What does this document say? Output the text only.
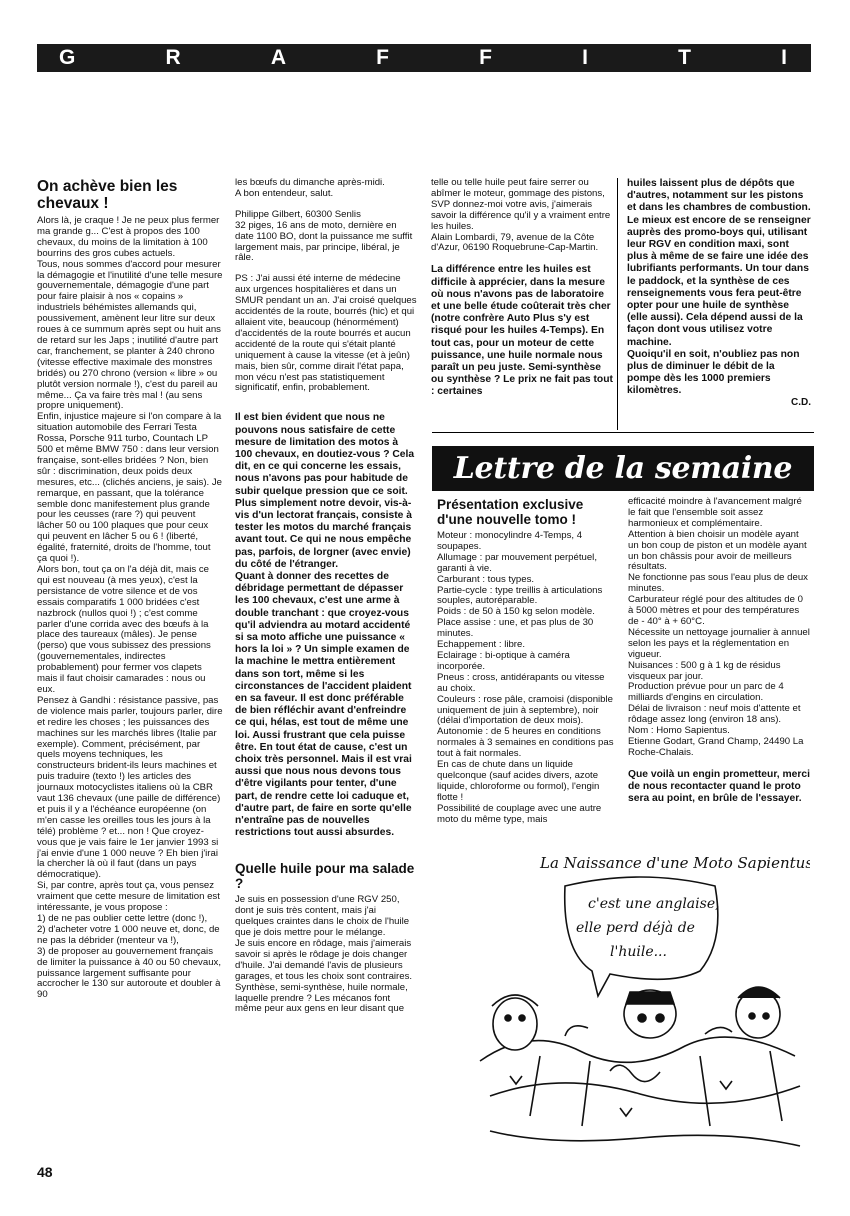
G	R	A	F	F	I	T	I
On achève bien les chevaux !

Alors là, je craque ! Je ne peux plus fermer ma grande g... C'est à propos des 100 chevaux, du moins de la limitation à 100 bourrins des gros cubes actuels.

Tous, nous sommes d'accord pour mesurer la démagogie et l'inutilité d'une telle mesure gouvernementale, démagogie d'une part pour faire plaisir à nos « copains » industriels béhémistes allemands qui, poussivement, amènent leur litre sur deux roues à ce summum après sept ou huit ans de retard sur les Japs ; inutilité d'autre part car, franchement, se planter à 240 chrono (vitesse effective maximale des monstres bridés) ou 270 chrono (version « libre » ou plutôt version normale !), c'est du pareil au même... Ça va faire très mal ! (au sens propre uniquement).

Enfin, injustice majeure si l'on compare à la situation automobile des Ferrari Testa Rossa, Porsche 911 turbo, Countach LP 500 et même BMW 750 : dans leur version française, sont-elles bridées ? Non, bien sûr : discrimination, deux poids deux mesures, etc... (clichés anciens, je sais). Je remarque, en passant, que la tolérance semble donc manifestement plus grande pour les ceusses (rare ?) qui peuvent lâcher 50 ou 100 plaques que pour ceux qui peuvent en lâcher 5 ou 6 ! (liberté, égalité, fraternité, droits de l'homme, tout ça quoi !).

Alors bon, tout ça on l'a déjà dit, mais ce qui est nouveau (à mes yeux), c'est la persistance de votre silence et de vos essais comparatifs 1 000 bridées c'est nazbrock (nullos quoi !) ; c'est comme parler d'une corrida avec des bœufs à la place des taureaux (mâles). Je pense (perso) que vous subissez des pressions (gouvernementales, indirectes probablement) pour fermer vos clapets mais il faut choisir camarades : nous ou eux.

Pensez à Gandhi : résistance passive, pas de violence mais parler, toujours parler, dire et redire les choses ; les puissances des machines sur les marchés libres (Italie par exemple). Comment, précisément, par quels moyens techniques, les constructeurs brident-ils leurs machines et puis traduire (texto !) les articles des journaux motocyclistes italiens où la CBR vaut 136 chevaux (une paille de différence) et puis il y a l'échéance européenne (on m'en casse les oreilles tous les jours à la télé) problème ? et... non ! Que croyez-vous que je vais faire le 1er janvier 1993 si j'ai envie d'une 1 000 neuve ? Eh bien j'irai la chercher là où il faut (dans un pays démocratique).

Si, par contre, après tout ça, vous pensez vraiment que cette mesure de limitation est intéressante, je vous propose :

1) de ne pas oublier cette lettre (donc !),

2) d'acheter votre 1 000 neuve et, donc, de ne pas la débrider (menteur va !),

3) de proposer au gouvernement français de limiter la puissance à 40 ou 50 chevaux, puissance largement suffisante pour accrocher le 130 sur autoroute et doubler à 90

les bœufs du dimanche après-midi.

A bon entendeur, salut.

Philippe Gilbert, 60300 Senlis

32 piges, 16 ans de moto, dernière en date 1100 BO, dont la puissance me suffit largement mais, par principe, libéral, je râle.

PS : J'ai aussi été interne de médecine aux urgences hospitalières et dans un SMUR pendant un an. J'ai croisé quelques accidentés de la route, bourrés (hic) et qui allaient vite, beaucoup (hénormément) d'accidentés de la route bourrés et aucun accidenté de la route qui s'était planté uniquement à cause la vitesse (et à jeûn) mais, bien sûr, comme dirait l'état papa, mon vécu n'est pas statistiquement significatif, enfin, probablement.

Il est bien évident que nous ne pouvons nous satisfaire de cette mesure de limitation des motos à 100 chevaux, en doutiez-vous ? Cela dit, en ce qui concerne les essais, nous n'avons pas pour habitude de subir quelque pression que ce soit. Plus simplement notre devoir, vis-à-vis d'un lectorat français, consiste à tester les motos du marché français avant tout. Ce qui ne nous empêche pas, parfois, de lorgner (avec envie) du côté de l'étranger.

Quant à donner des recettes de débridage permettant de dépasser les 100 chevaux, c'est une arme à double tranchant : que croyez-vous qu'il adviendra au motard accidenté si sa moto affiche une puissance « hors la loi » ? Un simple examen de la machine le mettra entièrement dans son tort, même si les circonstances de l'accident plaident en sa faveur. Il est donc préférable de bien réfléchir avant d'enfreindre ce qui, hélas, est tout de même une loi. Aussi frustrant que cela puisse être. En tout état de cause, c'est un choix très personnel. Mais il est vrai aussi que nous nous devons tous d'être vigilants pour tenter, d'une part, de rendre cette loi caduque et, d'autre part, de faire en sorte qu'elle n'entraîne pas de nouvelles restrictions tout aussi absurdes.

Quelle huile pour ma salade ?

Je suis en possession d'une RGV 250, dont je suis très content, mais j'ai quelques craintes dans le choix de l'huile que je dois mettre pour le mélange.

Je suis encore en rôdage, mais j'aimerais savoir si après le rôdage je dois changer d'huile. J'ai demandé l'avis de plusieurs garages, et tous les choix sont contraires. Synthèse, semi-synthèse, huile normale, laquelle prendre ? Les mécanos font même peur aux gens en leur disant que

telle ou telle huile peut faire serrer ou abîmer le moteur, gommage des pistons, SVP donnez-moi votre avis, j'aimerais savoir la différence qu'il y a vraiment entre les huiles.

Alain Lombardi, 79, avenue de la Côte d'Azur, 06190 Roquebrune-Cap-Martin.

La différence entre les huiles est difficile à apprécier, dans la mesure où nous n'avons pas de laboratoire et une belle étude coûterait très cher (notre confrère Auto Plus s'y est risqué pour les huiles 4-Temps). En tout cas, pour un moteur de cette puissance, une huile normale nous paraît un peu juste. Semi-synthèse ou synthèse ? Le prix ne fait pas tout : certaines

huiles laissent plus de dépôts que d'autres, notamment sur les pistons et dans les chambres de combustion. Le mieux est encore de se renseigner auprès des promo-boys qui, utilisant leur RGV en condition maxi, sont plus à même de se faire une idée des lubrifiants performants. Un tour dans le paddock, et la synthèse de ces renseignements vous fera peut-être opter pour une huile de synthèse (elle aussi). Cela dépend aussi de la façon dont vous utilisez votre machine.

Quoiqu'il en soit, n'oubliez pas non plus de diminuer le débit de la pompe dès les 1000 premiers kilomètres.

C.D.

Lettre de la semaine
Présentation exclusive d'une nouvelle tomo !

Moteur : monocylindre 4-Temps, 4 soupapes.

Allumage : par mouvement perpétuel, garanti à vie.

Carburant : tous types.

Partie-cycle : type treillis à articulations souples, autoréparable.

Poids : de 50 à 150 kg selon modèle.

Place assise : une, et pas plus de 30 minutes.

Echappement : libre.

Eclairage : bi-optique à caméra incorporée.

Pneus : cross, antidérapants ou vitesse au choix.

Couleurs : rose pâle, cramoisi (disponible uniquement de juin à septembre), noir (délai d'importation de deux mois).

Autonomie : de 5 heures en conditions normales à 3 semaines en conditions pas tout à fait normales.

En cas de chute dans un liquide quelconque (sauf acides divers, azote liquide, chloroforme ou formol), l'engin flotte !

Possibilité de couplage avec une autre moto du même type, mais

efficacité moindre à l'avancement malgré le fait que l'ensemble soit assez harmonieux et complémentaire.

Attention à bien choisir un modèle ayant un bon coup de piston et un modèle ayant un bon châssis pour avoir de meilleurs résultats.

Ne fonctionne pas sous l'eau plus de deux minutes.

Carburateur réglé pour des altitudes de 0 à 5000 mètres et pour des températures de - 40° à + 60°C.

Nécessite un nettoyage journalier à annuel selon les pays et la réglementation en vigueur.

Nuisances : 500 g à 1 kg de résidus visqueux par jour.

Production prévue pour un parc de 4 milliards d'engins en circulation.

Délai de livraison : neuf mois d'attente et rôdage assez long (environ 18 ans).

Nom : Homo Sapientus.

Etienne Godart, Grand Champ, 24490 La Roche-Chalais.

Que voilà un engin prometteur, merci de nous recontacter quand le proto sera au point, en brûle de l'essayer.

La Naissance d'une Moto Sapientus
c'est une anglaise,
elle perd déjà de
l'huile...
48
